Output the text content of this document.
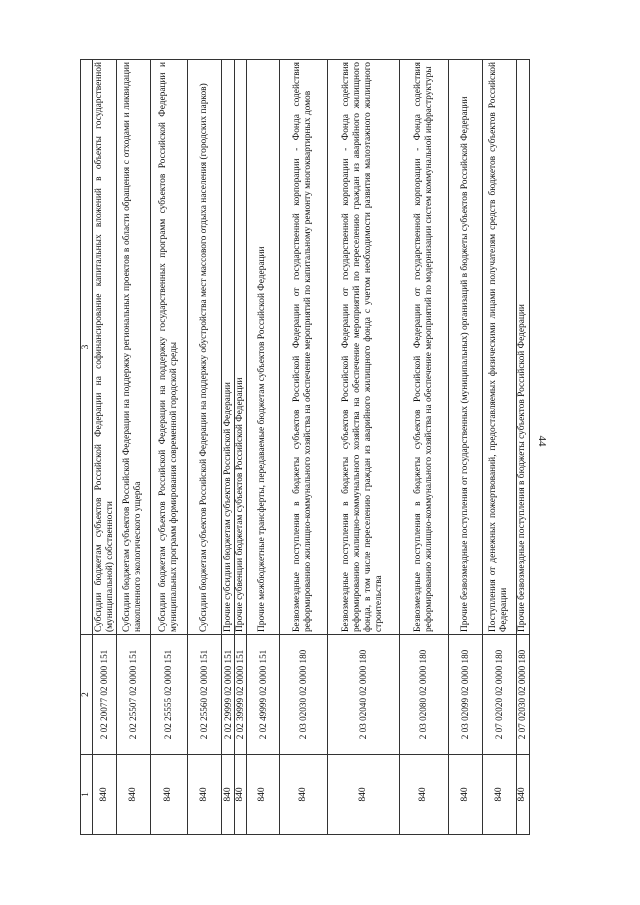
44
1	2	3
840	2 02 20077 02 0000 151	Субсидии бюджетам субъектов Российской Федерации на софинансирование капитальных вложений в объекты государственной (муниципальной) собственности
840	2 02 25507 02 0000 151	Субсидии бюджетам субъектов Российской Федерации на поддержку региональных проектов в области обращения с отходами и ликвидации накопленного экологического ущерба
840	2 02 25555 02 0000 151	Субсидии бюджетам субъектов Российской Федерации на поддержку государственных программ субъектов Российской Федерации и муниципальных программ формирования современной городской среды
840	2 02 25560 02 0000 151	Субсидии бюджетам субъектов Российской Федерации на поддержку обустройства мест массового отдыха населения (городских парков)
840	2 02 29999 02 0000 151	Прочие субсидии бюджетам субъектов Российской Федерации
840	2 02 39999 02 0000 151	Прочие субвенции бюджетам субъектов Российской Федерации
840	2 02 49999 02 0000 151	Прочие межбюджетные трансферты, передаваемые бюджетам субъектов Российской Федерации
840	2 03 02030 02 0000 180	Безвозмездные поступления в бюджеты субъектов Российской Федерации от государственной корпорации - Фонда содействия реформированию жилищно-коммунального хозяйства на обеспечение мероприятий по капитальному ремонту многоквартирных домов
840	2 03 02040 02 0000 180	Безвозмездные поступления в бюджеты субъектов Российской Федерации от государственной корпорации - Фонда содействия реформированию жилищно-коммунального хозяйства на обеспечение мероприятий по переселению граждан из аварийного жилищного фонда, в том числе переселению граждан из аварийного жилищного фонда с учетом необходимости развития малоэтажного жилищного строительства
840	2 03 02080 02 0000 180	Безвозмездные поступления в бюджеты субъектов Российской Федерации от государственной корпорации - Фонда содействия реформированию жилищно-коммунального хозяйства на обеспечение мероприятий по модернизации систем коммунальной инфраструктуры
840	2 03 02099 02 0000 180	Прочие безвозмездные поступления от государственных (муниципальных) организаций в бюджеты субъектов Российской Федерации
840	2 07 02020 02 0000 180	Поступления от денежных пожертвований, предоставляемых физическими лицами получателям средств бюджетов субъектов Российской Федерации
840	2 07 02030 02 0000 180	Прочие безвозмездные поступления в бюджеты субъектов Российской Федерации
